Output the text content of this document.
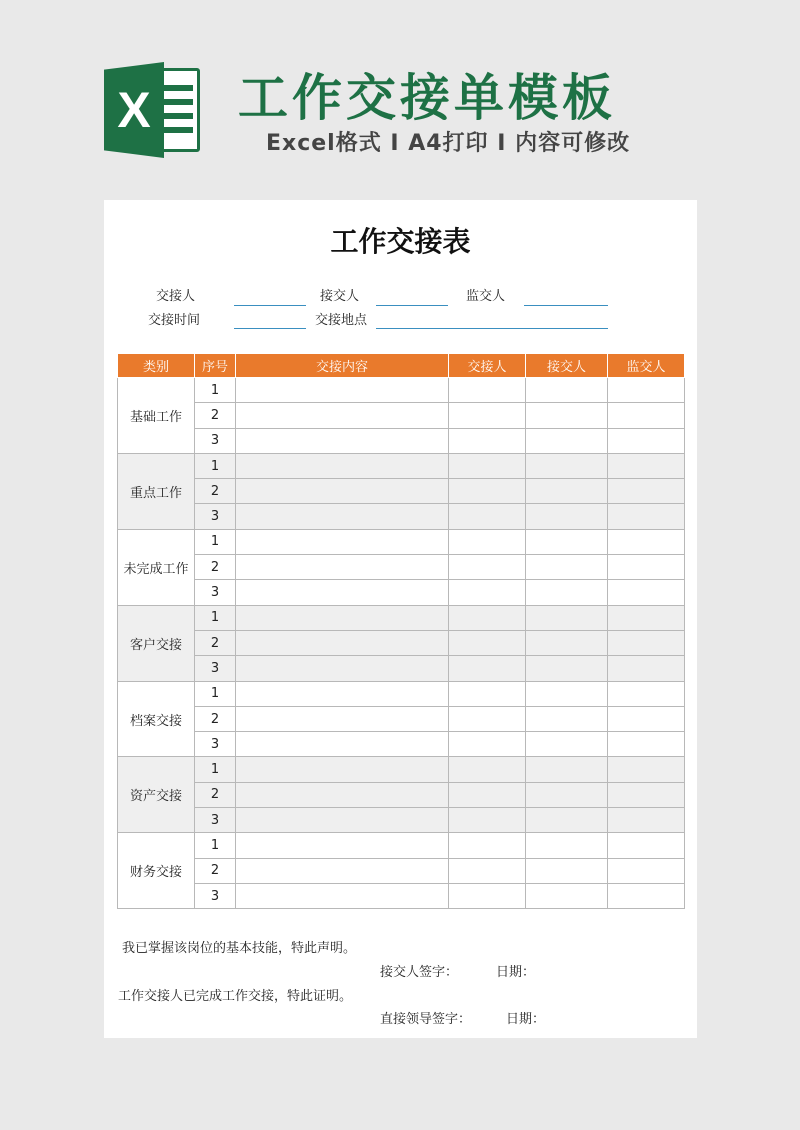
X 工作交接单模板
Excel格式 I A4打印 I 内容可修改
工作交接表
交接人	接交人	监交人
交接时间	交接地点
类别	序号	交接内容	交接人	接交人	监交人
基础工作	1				
	2				
	3				
重点工作	1				
	2				
	3				
未完成工作	1				
	2				
	3				
客户交接	1				
	2				
	3				
档案交接	1				
	2				
	3				
资产交接	1				
	2				
	3				
财务交接	1				
	2				
	3				
我已掌握该岗位的基本技能，特此声明。
接交人签字：	日期：
工作交接人已完成工作交接，特此证明。
直接领导签字：	日期：
